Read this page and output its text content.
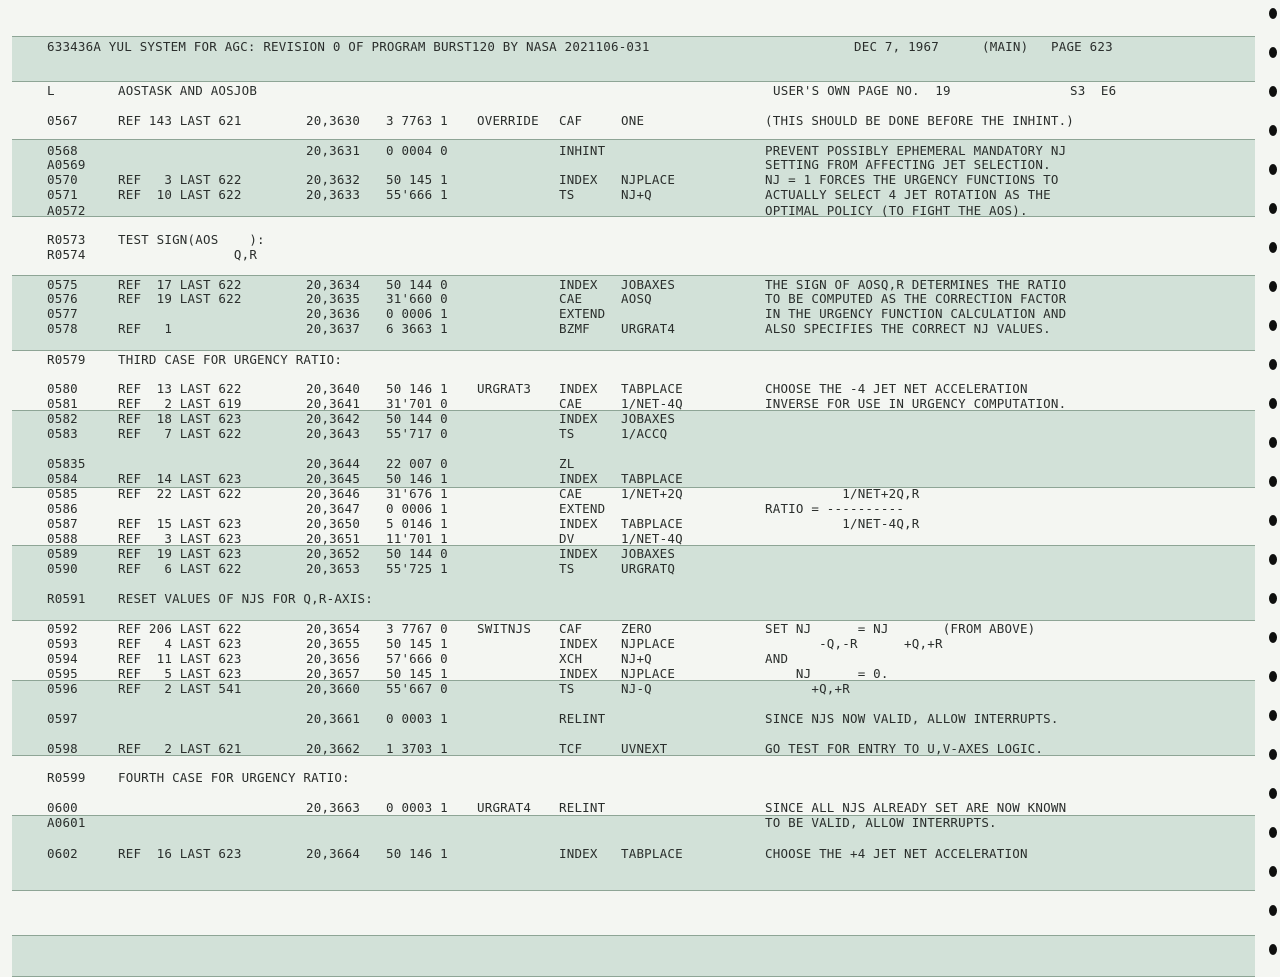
633436A YUL SYSTEM FOR AGC: REVISION 0 OF PROGRAM BURST120 BY NASA 2021106-031	DEC 7, 1967	(MAIN) PAGE 623
L	AOSTASK AND AOSJOB	USER'S OWN PAGE NO.  19	S3  E6
0567	REF 143 LAST 621	20,3630 3 7763 1 OVERRIDE CAF	ONE	(THIS SHOULD BE DONE BEFORE THE INHINT.)
0568	20,3631 0 0004 0	INHINT	PREVENT POSSIBLY EPHEMERAL MANDATORY NJ
A0569	SETTING FROM AFFECTING JET SELECTION.
0570	REF   3 LAST 622	20,3632 50 145 1	INDEX NJPLACE	NJ = 1 FORCES THE URGENCY FUNCTIONS TO
0571	REF  10 LAST 622	20,3633 55'666 1	TS	NJ+Q	ACTUALLY SELECT 4 JET ROTATION AS THE
A0572	OPTIMAL POLICY (TO FIGHT THE AOS).
R0573	TEST SIGN(AOS    ):
R0574	Q,R
0575	REF  17 LAST 622	20,3634 50 144 0	INDEX JOBAXES	THE SIGN OF AOSQ,R DETERMINES THE RATIO
0576	REF  19 LAST 622	20,3635 31'660 0	CAE	AOSQ	TO BE COMPUTED AS THE CORRECTION FACTOR
0577	20,3636 0 0006 1	EXTEND	IN THE URGENCY FUNCTION CALCULATION AND
0578	REF   1	20,3637 6 3663 1	BZMF URGRAT4	ALSO SPECIFIES THE CORRECT NJ VALUES.
R0579	THIRD CASE FOR URGENCY RATIO:
0580	REF  13 LAST 622	20,3640 50 146 1 URGRAT3 INDEX TABPLACE	CHOOSE THE -4 JET NET ACCELERATION
0581	REF   2 LAST 619	20,3641 31'701 0	CAE	1/NET-4Q	INVERSE FOR USE IN URGENCY COMPUTATION.
0582	REF  18 LAST 623	20,3642 50 144 0	INDEX JOBAXES
0583	REF   7 LAST 622	20,3643 55'717 0	TS	1/ACCQ
05835	20,3644 22 007 0	ZL
0584	REF  14 LAST 623	20,3645 50 146 1	INDEX TABPLACE
0585	REF  22 LAST 622	20,3646 31'676 1	CAE	1/NET+2Q	1/NET+2Q,R
0586	20,3647 0 0006 1	EXTEND	RATIO = ----------
0587	REF  15 LAST 623	20,3650 5 0146 1	INDEX TABPLACE	1/NET-4Q,R
0588	REF   3 LAST 623	20,3651 11'701 1	DV	1/NET-4Q
0589	REF  19 LAST 623	20,3652 50 144 0	INDEX JOBAXES
0590	REF   6 LAST 622	20,3653 55'725 1	TS	URGRATQ
R0591	RESET VALUES OF NJS FOR Q,R-AXIS:
0592	REF 206 LAST 622	20,3654 3 7767 0 SWITNJS CAF	ZERO	SET NJ      = NJ       (FROM ABOVE)
0593	REF   4 LAST 623	20,3655 50 145 1	INDEX NJPLACE	-Q,-R      +Q,+R
0594	REF  11 LAST 623	20,3656 57'666 0	XCH	NJ+Q	AND
0595	REF   5 LAST 623	20,3657 50 145 1	INDEX NJPLACE	NJ      = 0.
0596	REF   2 LAST 541	20,3660 55'667 0	TS	NJ-Q	+Q,+R
0597	20,3661 0 0003 1	RELINT	SINCE NJS NOW VALID, ALLOW INTERRUPTS.
0598	REF   2 LAST 621	20,3662 1 3703 1	TCF	UVNEXT	GO TEST FOR ENTRY TO U,V-AXES LOGIC.
R0599	FOURTH CASE FOR URGENCY RATIO:
0600	20,3663 0 0003 1 URGRAT4 RELINT	SINCE ALL NJS ALREADY SET ARE NOW KNOWN
A0601	TO BE VALID, ALLOW INTERRUPTS.
0602	REF  16 LAST 623	20,3664 50 146 1	INDEX TABPLACE	CHOOSE THE +4 JET NET ACCELERATION
